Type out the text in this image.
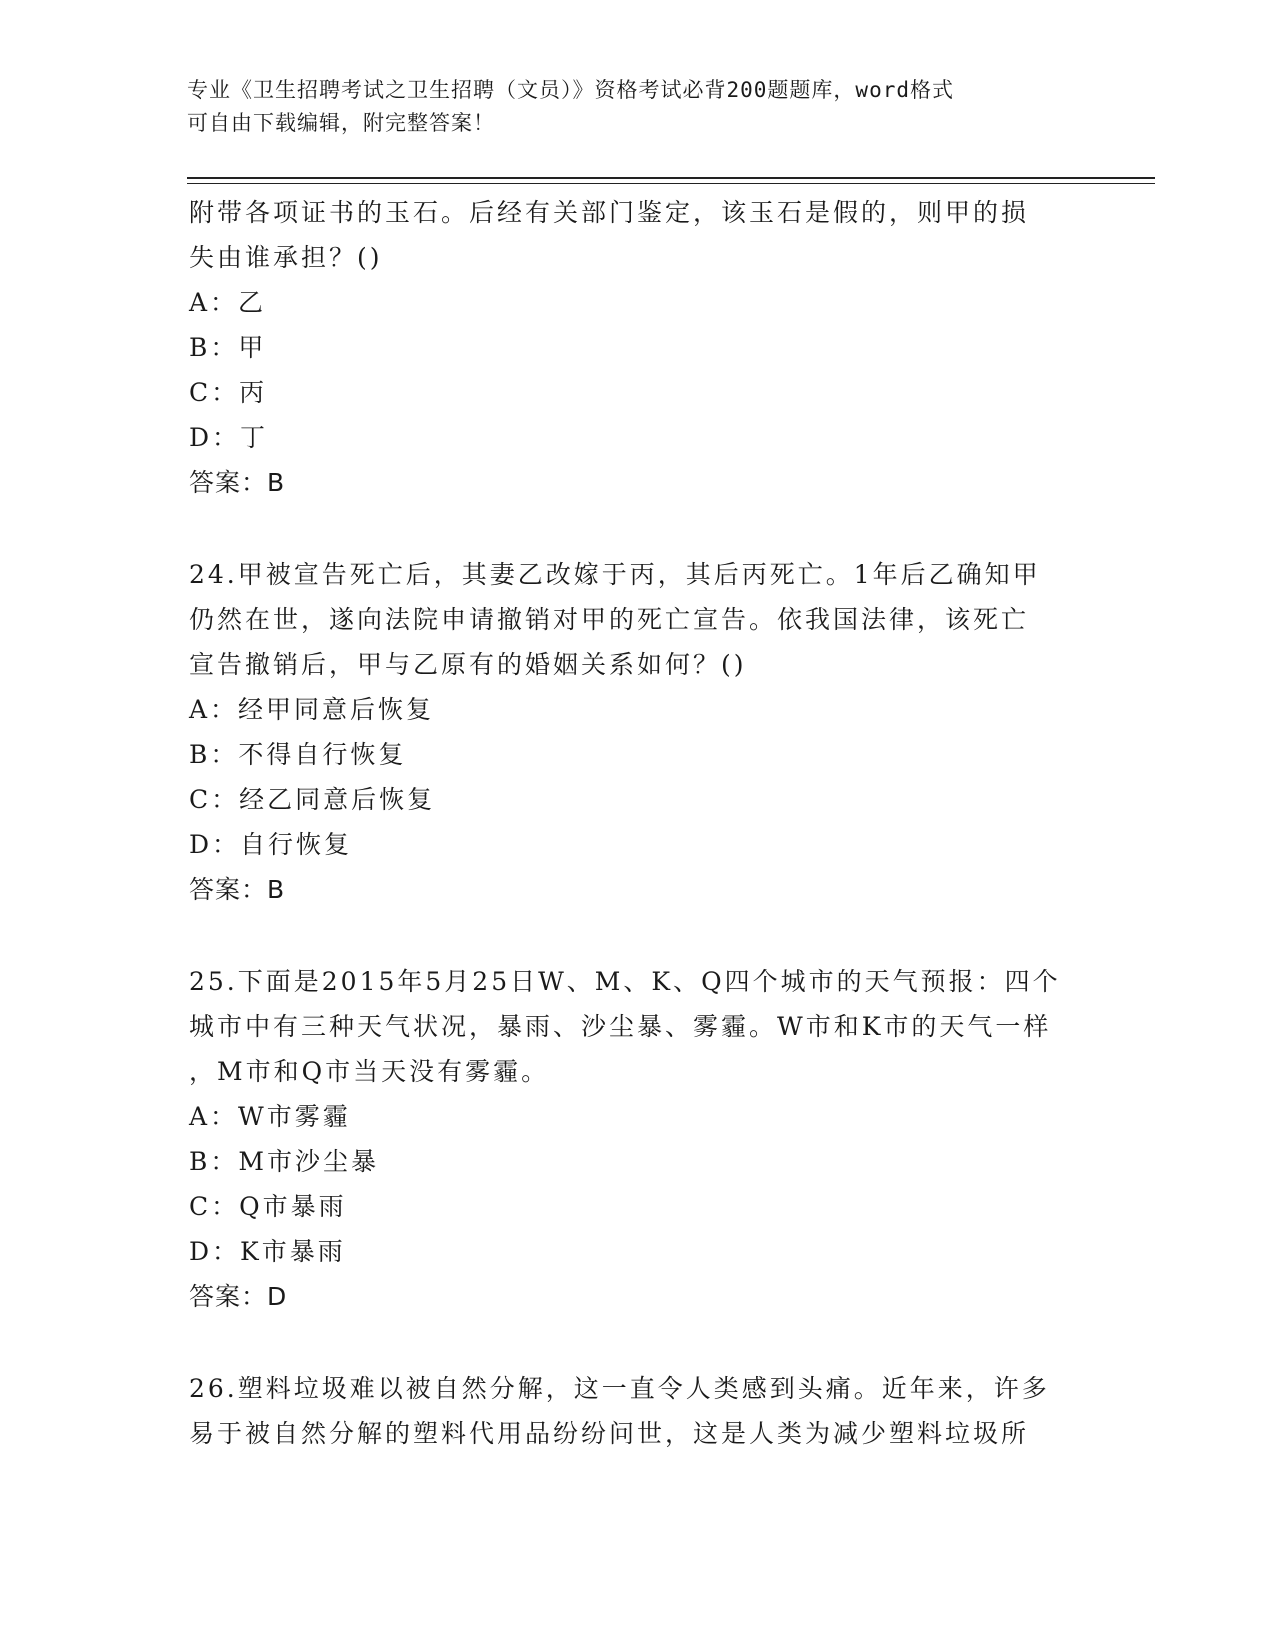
专业《卫生招聘考试之卫生招聘（文员）》资格考试必背200题题库，word格式
可自由下载编辑，附完整答案！
附带各项证书的玉石。后经有关部门鉴定，该玉石是假的，则甲的损
失由谁承担？()
A：乙
B：甲
C：丙
D：丁
答案：B
24.甲被宣告死亡后，其妻乙改嫁于丙，其后丙死亡。1年后乙确知甲
仍然在世，遂向法院申请撤销对甲的死亡宣告。依我国法律，该死亡
宣告撤销后，甲与乙原有的婚姻关系如何？()
A：经甲同意后恢复
B：不得自行恢复
C：经乙同意后恢复
D：自行恢复
答案：B
25.下面是2015年5月25日W、M、K、Q四个城市的天气预报：四个
城市中有三种天气状况，暴雨、沙尘暴、雾霾。W市和K市的天气一样
，M市和Q市当天没有雾霾。
A：W市雾霾
B：M市沙尘暴
C：Q市暴雨
D：K市暴雨
答案：D
26.塑料垃圾难以被自然分解，这一直令人类感到头痛。近年来，许多
易于被自然分解的塑料代用品纷纷问世，这是人类为减少塑料垃圾所
